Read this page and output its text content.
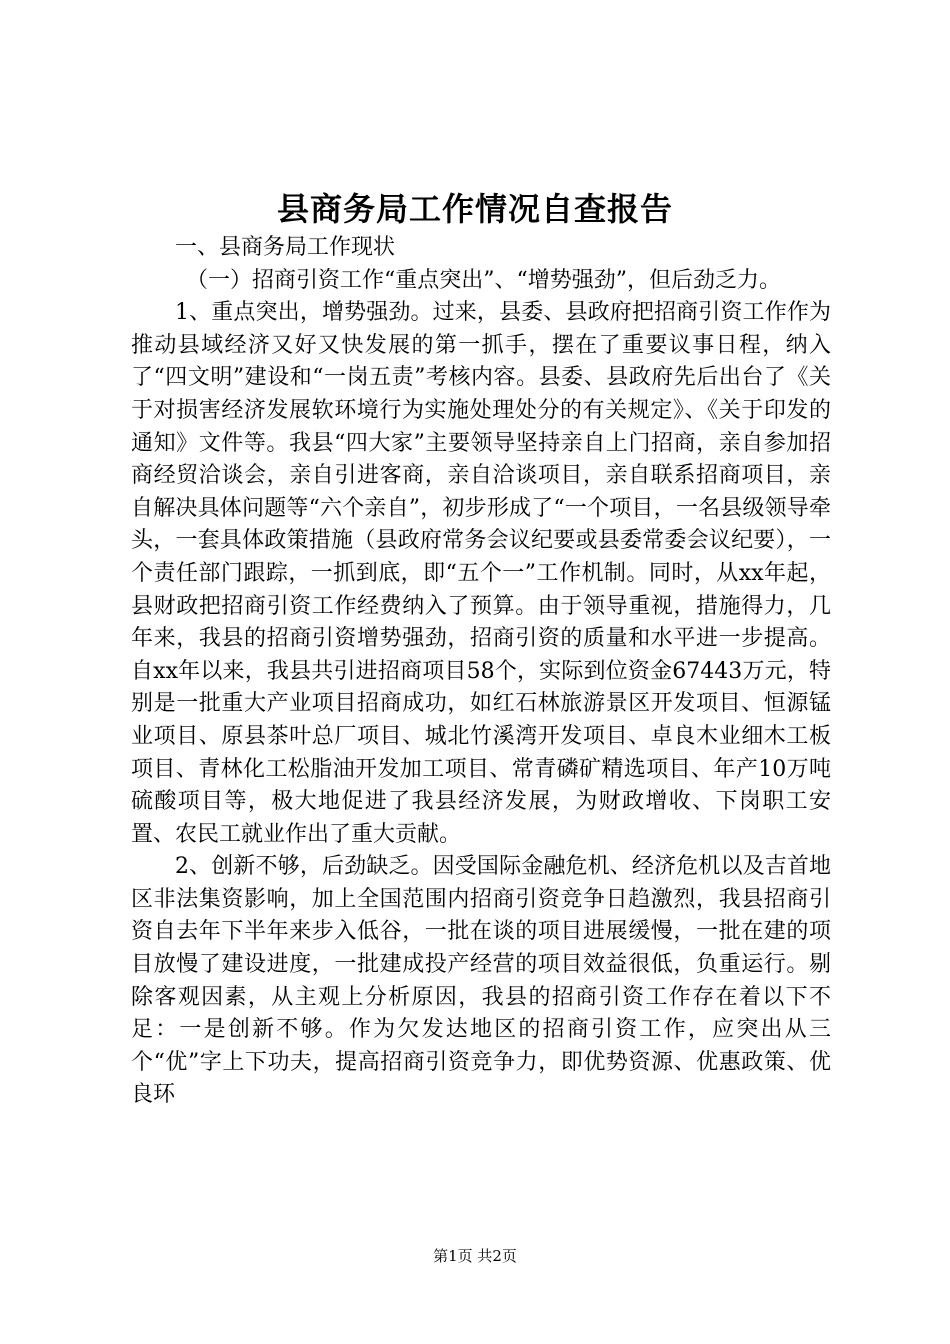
县商务局工作情况自查报告

一、县商务局工作现状

（一）招商引资工作“重点突出”、“增势强劲”，但后劲乏力。

1、重点突出，增势强劲。过来，县委、县政府把招商引资工作作为推动县域经济又好又快发展的第一抓手，摆在了重要议事日程，纳入了“四文明”建设和“一岗五责”考核内容。县委、县政府先后出台了《关于对损害经济发展软环境行为实施处理处分的有关规定》、《关于印发的通知》文件等。我县“四大家”主要领导坚持亲自上门招商，亲自参加招商经贸洽谈会，亲自引进客商，亲自洽谈项目，亲自联系招商项目，亲自解决具体问题等“六个亲自”，初步形成了“一个项目，一名县级领导牵头，一套具体政策措施（县政府常务会议纪要或县委常委会议纪要），一个责任部门跟踪，一抓到底，即“五个一”工作机制。同时，从xx年起，县财政把招商引资工作经费纳入了预算。由于领导重视，措施得力，几年来，我县的招商引资增势强劲，招商引资的质量和水平进一步提高。自xx年以来，我县共引进招商项目58个，实际到位资金67443万元，特别是一批重大产业项目招商成功，如红石林旅游景区开发项目、恒源锰业项目、原县茶叶总厂项目、城北竹溪湾开发项目、卓良木业细木工板项目、青林化工松脂油开发加工项目、常青磷矿精选项目、年产10万吨硫酸项目等，极大地促进了我县经济发展，为财政增收、下岗职工安置、农民工就业作出了重大贡献。

2、创新不够，后劲缺乏。因受国际金融危机、经济危机以及吉首地区非法集资影响，加上全国范围内招商引资竞争日趋激烈，我县招商引资自去年下半年来步入低谷，一批在谈的项目进展缓慢，一批在建的项目放慢了建设进度，一批建成投产经营的项目效益很低，负重运行。剔除客观因素，从主观上分析原因，我县的招商引资工作存在着以下不足：一是创新不够。作为欠发达地区的招商引资工作，应突出从三个“优”字上下功夫，提高招商引资竞争力，即优势资源、优惠政策、优良环

第1页 共2页
